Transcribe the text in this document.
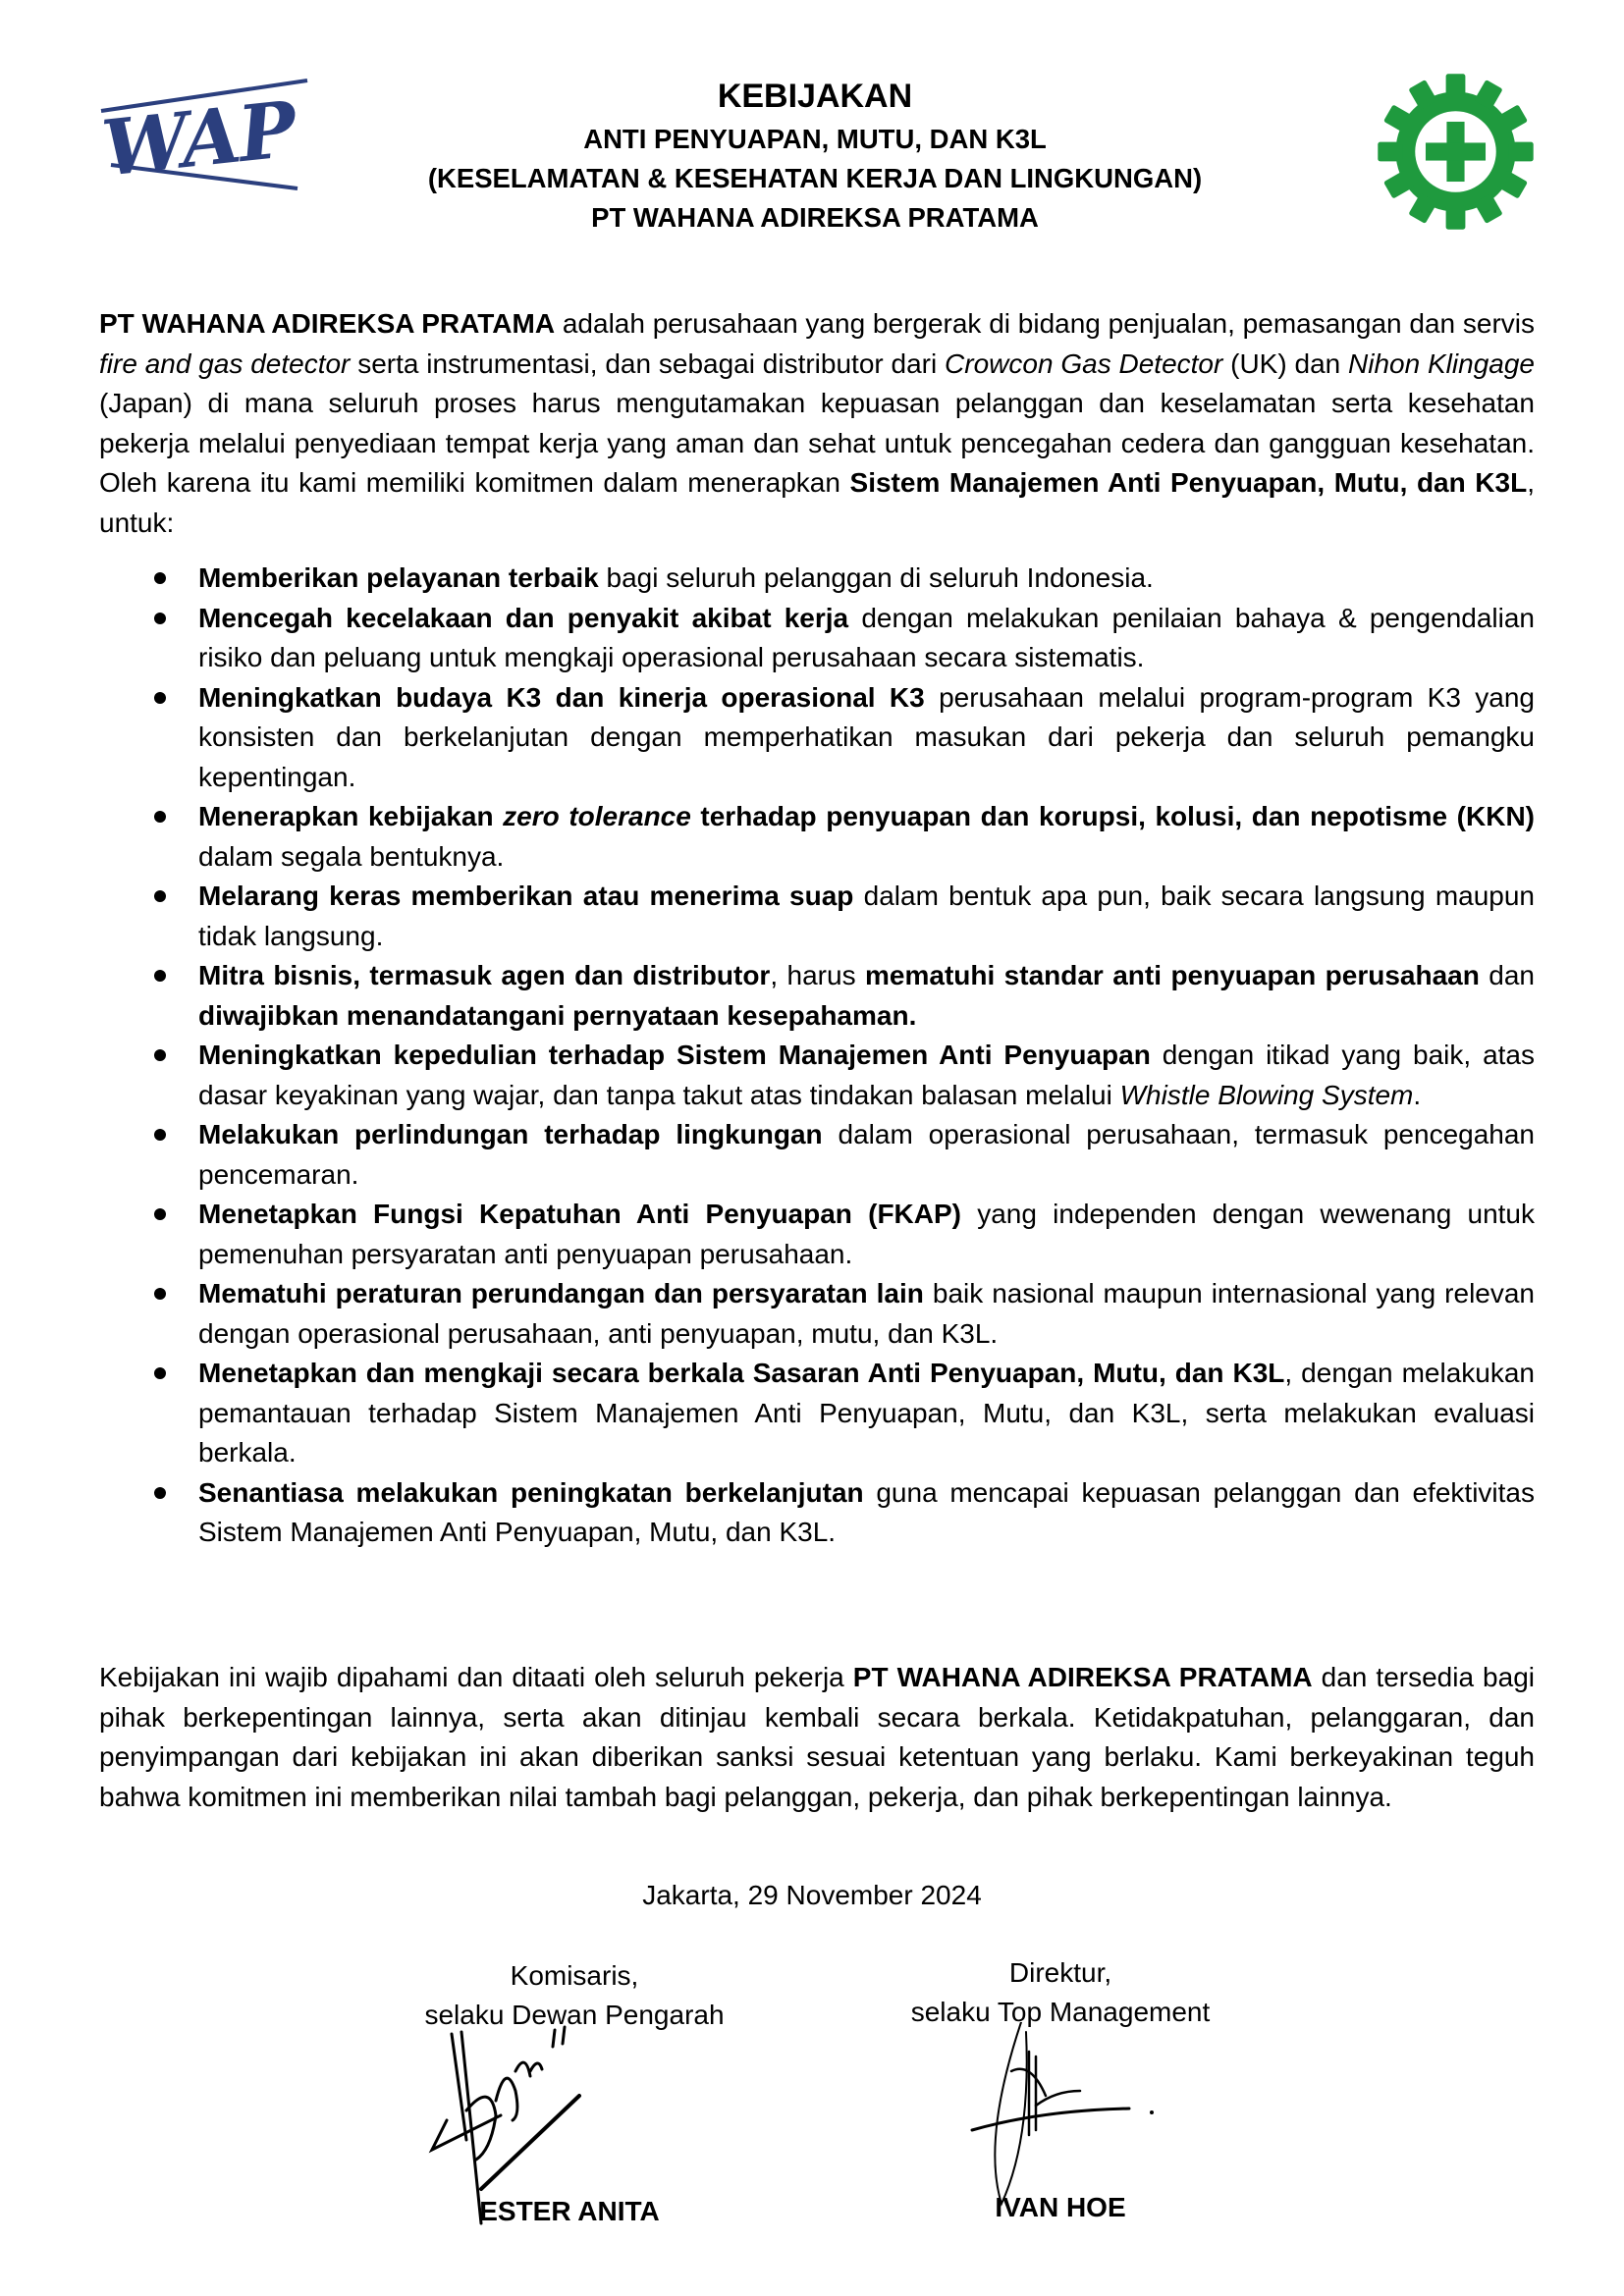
WAP	KEBIJAKAN
ANTI PENYUAPAN, MUTU, DAN K3L
(KESELAMATAN & KESEHATAN KERJA DAN LINGKUNGAN)
PT WAHANA ADIREKSA PRATAMA

PT WAHANA ADIREKSA PRATAMA adalah perusahaan yang bergerak di bidang penjualan, pemasangan dan servis fire and gas detector serta instrumentasi, dan sebagai distributor dari Crowcon Gas Detector (UK) dan Nihon Klingage (Japan) di mana seluruh proses harus mengutamakan kepuasan pelanggan dan keselamatan serta kesehatan pekerja melalui penyediaan tempat kerja yang aman dan sehat untuk pencegahan cedera dan gangguan kesehatan. Oleh karena itu kami memiliki komitmen dalam menerapkan Sistem Manajemen Anti Penyuapan, Mutu, dan K3L, untuk:

Memberikan pelayanan terbaik bagi seluruh pelanggan di seluruh Indonesia.
Mencegah kecelakaan dan penyakit akibat kerja dengan melakukan penilaian bahaya & pengendalian risiko dan peluang untuk mengkaji operasional perusahaan secara sistematis.
Meningkatkan budaya K3 dan kinerja operasional K3 perusahaan melalui program-program K3 yang konsisten dan berkelanjutan dengan memperhatikan masukan dari pekerja dan seluruh pemangku kepentingan.
Menerapkan kebijakan zero tolerance terhadap penyuapan dan korupsi, kolusi, dan nepotisme (KKN) dalam segala bentuknya.
Melarang keras memberikan atau menerima suap dalam bentuk apa pun, baik secara langsung maupun tidak langsung.
Mitra bisnis, termasuk agen dan distributor, harus mematuhi standar anti penyuapan perusahaan dan diwajibkan menandatangani pernyataan kesepahaman.
Meningkatkan kepedulian terhadap Sistem Manajemen Anti Penyuapan dengan itikad yang baik, atas dasar keyakinan yang wajar, dan tanpa takut atas tindakan balasan melalui Whistle Blowing System.
Melakukan perlindungan terhadap lingkungan dalam operasional perusahaan, termasuk pencegahan pencemaran.
Menetapkan Fungsi Kepatuhan Anti Penyuapan (FKAP) yang independen dengan wewenang untuk pemenuhan persyaratan anti penyuapan perusahaan.
Mematuhi peraturan perundangan dan persyaratan lain baik nasional maupun internasional yang relevan dengan operasional perusahaan, anti penyuapan, mutu, dan K3L.
Menetapkan dan mengkaji secara berkala Sasaran Anti Penyuapan, Mutu, dan K3L, dengan melakukan pemantauan terhadap Sistem Manajemen Anti Penyuapan, Mutu, dan K3L, serta melakukan evaluasi berkala.
Senantiasa melakukan peningkatan berkelanjutan guna mencapai kepuasan pelanggan dan efektivitas Sistem Manajemen Anti Penyuapan, Mutu, dan K3L.

Kebijakan ini wajib dipahami dan ditaati oleh seluruh pekerja PT WAHANA ADIREKSA PRATAMA dan tersedia bagi pihak berkepentingan lainnya, serta akan ditinjau kembali secara berkala. Ketidakpatuhan, pelanggaran, dan penyimpangan dari kebijakan ini akan diberikan sanksi sesuai ketentuan yang berlaku. Kami berkeyakinan teguh bahwa komitmen ini memberikan nilai tambah bagi pelanggan, pekerja, dan pihak berkepentingan lainnya.

Jakarta, 29 November 2024
Komisaris,
selaku Dewan Pengarah
Direktur,
selaku Top Management
ESTER ANITA	IVAN HOE
